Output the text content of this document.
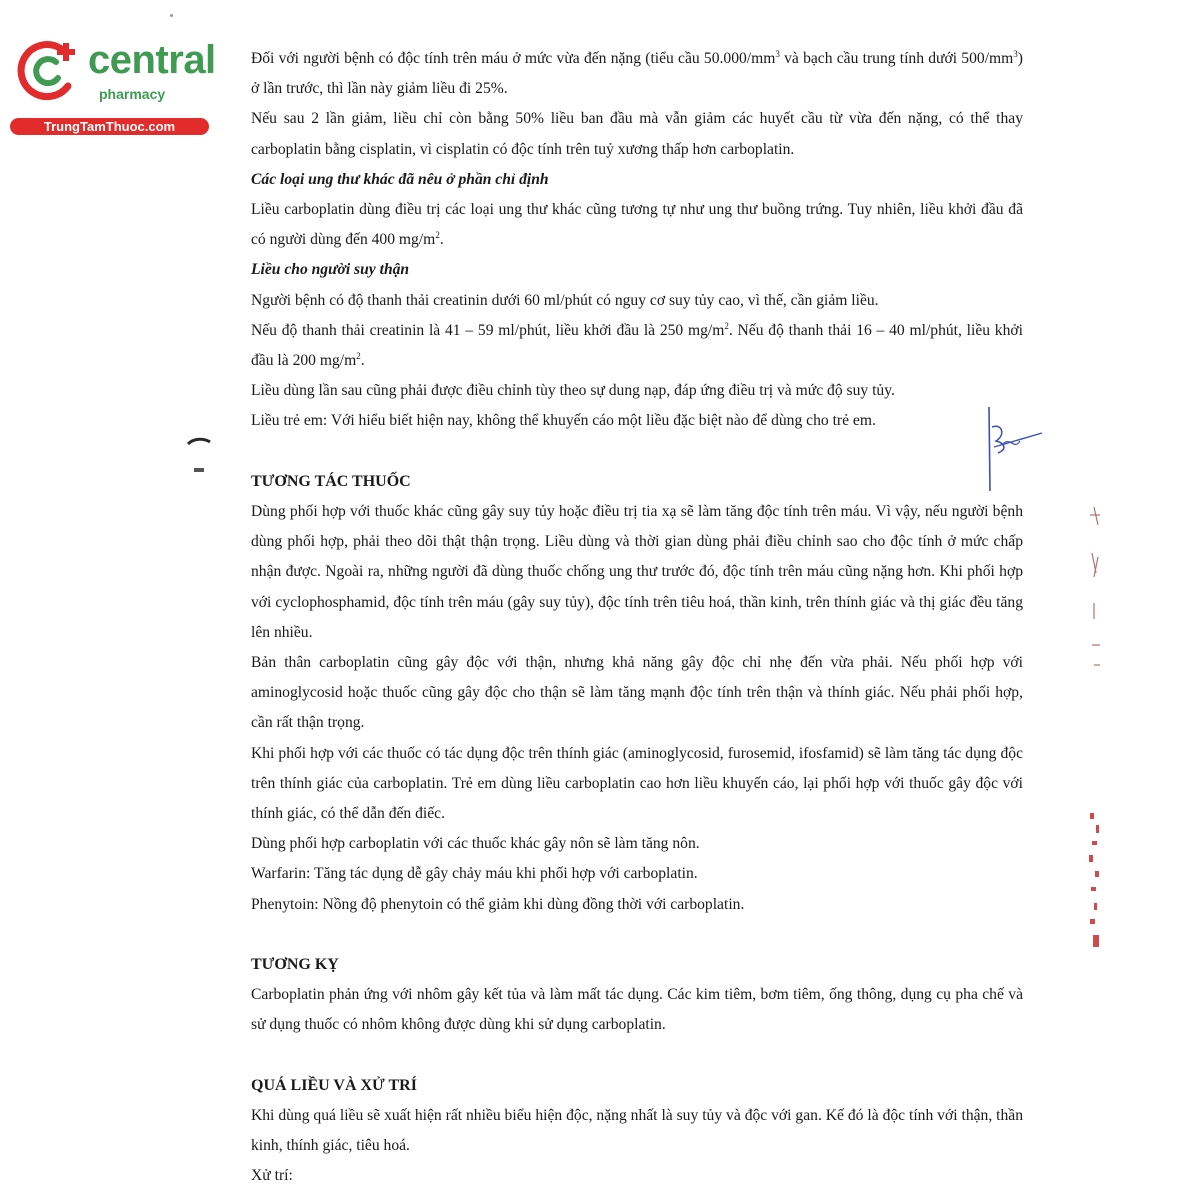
central
pharmacy
TrungTamThuoc.com

Đối với người bệnh có độc tính trên máu ở mức vừa đến nặng (tiểu cầu $50.000/mm^3$ và bạch cầu trung tính dưới $500/mm^3$) ở lần trước, thì lần này giảm liều đi 25%.

Nếu sau 2 lần giảm, liều chỉ còn bằng 50% liều ban đầu mà vẫn giảm các huyết cầu từ vừa đến nặng, có thể thay carboplatin bằng cisplatin, vì cisplatin có độc tính trên tuỷ xương thấp hơn carboplatin.

Các loại ung thư khác đã nêu ở phần chỉ định

Liều carboplatin dùng điều trị các loại ung thư khác cũng tương tự như ung thư buồng trứng. Tuy nhiên, liều khởi đầu đã có người dùng đến 400 $mg/m^2$.

Liều cho người suy thận

Người bệnh có độ thanh thải creatinin dưới 60 ml/phút có nguy cơ suy tủy cao, vì thế, cần giảm liều.

Nếu độ thanh thải creatinin là 41 – 59 ml/phút, liều khởi đầu là 250 $mg/m^2$. Nếu độ thanh thải 16 – 40 ml/phút, liều khởi đầu là 200 $mg/m^2$.

Liều dùng lần sau cũng phải được điều chỉnh tùy theo sự dung nạp, đáp ứng điều trị và mức độ suy tủy.

Liều trẻ em: Với hiểu biết hiện nay, không thể khuyến cáo một liều đặc biệt nào để dùng cho trẻ em.

TƯƠNG TÁC THUỐC

Dùng phối hợp với thuốc khác cũng gây suy tủy hoặc điều trị tia xạ sẽ làm tăng độc tính trên máu. Vì vậy, nếu người bệnh dùng phối hợp, phải theo dõi thật thận trọng. Liều dùng và thời gian dùng phải điều chỉnh sao cho độc tính ở mức chấp nhận được. Ngoài ra, những người đã dùng thuốc chống ung thư trước đó, độc tính trên máu cũng nặng hơn. Khi phối hợp với cyclophosphamid, độc tính trên máu (gây suy tủy), độc tính trên tiêu hoá, thần kinh, trên thính giác và thị giác đều tăng lên nhiều.

Bản thân carboplatin cũng gây độc với thận, nhưng khả năng gây độc chỉ nhẹ đến vừa phải. Nếu phối hợp với aminoglycosid hoặc thuốc cũng gây độc cho thận sẽ làm tăng mạnh độc tính trên thận và thính giác. Nếu phải phối hợp, cần rất thận trọng.

Khi phối hợp với các thuốc có tác dụng độc trên thính giác (aminoglycosid, furosemid, ifosfamid) sẽ làm tăng tác dụng độc trên thính giác của carboplatin. Trẻ em dùng liều carboplatin cao hơn liều khuyến cáo, lại phối hợp với thuốc gây độc với thính giác, có thể dẫn đến điếc.

Dùng phối hợp carboplatin với các thuốc khác gây nôn sẽ làm tăng nôn.

Warfarin: Tăng tác dụng dễ gây chảy máu khi phối hợp với carboplatin.

Phenytoin: Nồng độ phenytoin có thể giảm khi dùng đồng thời với carboplatin.

TƯƠNG KỴ

Carboplatin phản ứng với nhôm gây kết tủa và làm mất tác dụng. Các kim tiêm, bơm tiêm, ống thông, dụng cụ pha chế và sử dụng thuốc có nhôm không được dùng khi sử dụng carboplatin.

QUÁ LIỀU VÀ XỬ TRÍ

Khi dùng quá liều sẽ xuất hiện rất nhiều biểu hiện độc, nặng nhất là suy tủy và độc với gan. Kế đó là độc tính với thận, thần kinh, thính giác, tiêu hoá.

Xử trí:
